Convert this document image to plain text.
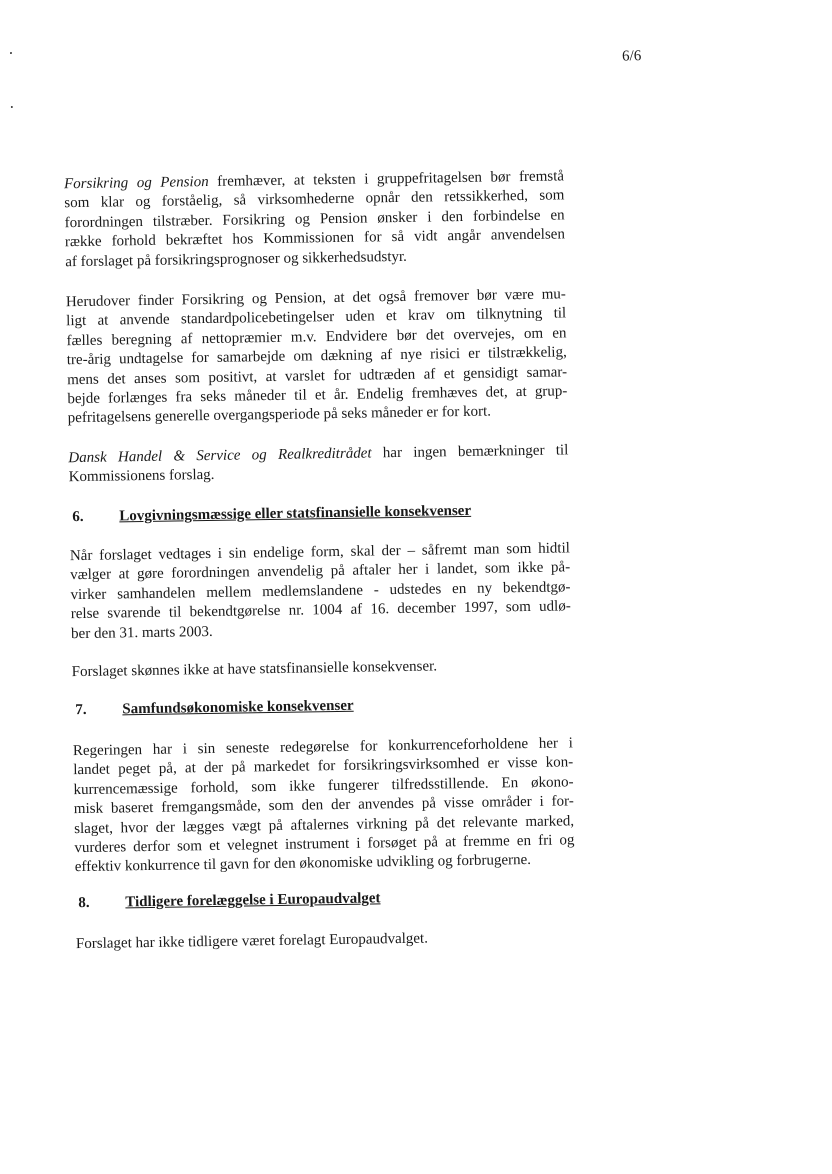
6/6
Forsikring og Pension fremhæver, at teksten i gruppefritagelsen bør fremstå
som klar og forståelig, så virksomhederne opnår den retssikkerhed, som
forordningen tilstræber. Forsikring og Pension ønsker i den forbindelse en
række forhold bekræftet hos Kommissionen for så vidt angår anvendelsen
af forslaget på forsikringsprognoser og sikkerhedsudstyr.
Herudover finder Forsikring og Pension, at det også fremover bør være mu-
ligt at anvende standardpolicebetingelser uden et krav om tilknytning til
fælles beregning af nettopræmier m.v. Endvidere bør det overvejes, om en
tre-årig undtagelse for samarbejde om dækning af nye risici er tilstrækkelig,
mens det anses som positivt, at varslet for udtræden af et gensidigt samar-
bejde forlænges fra seks måneder til et år. Endelig fremhæves det, at grup-
pefritagelsens generelle overgangsperiode på seks måneder er for kort.
Dansk Handel & Service og Realkreditrådet har ingen bemærkninger til
Kommissionens forslag.
6. Lovgivningsmæssige eller statsfinansielle konsekvenser
Når forslaget vedtages i sin endelige form, skal der – såfremt man som hidtil
vælger at gøre forordningen anvendelig på aftaler her i landet, som ikke på-
virker samhandelen mellem medlemslandene - udstedes en ny bekendtgø-
relse svarende til bekendtgørelse nr. 1004 af 16. december 1997, som udlø-
ber den 31. marts 2003.
Forslaget skønnes ikke at have statsfinansielle konsekvenser.
7. Samfundsøkonomiske konsekvenser
Regeringen har i sin seneste redegørelse for konkurrenceforholdene her i
landet peget på, at der på markedet for forsikringsvirksomhed er visse kon-
kurrencemæssige forhold, som ikke fungerer tilfredsstillende. En økono-
misk baseret fremgangsmåde, som den der anvendes på visse områder i for-
slaget, hvor der lægges vægt på aftalernes virkning på det relevante marked,
vurderes derfor som et velegnet instrument i forsøget på at fremme en fri og
effektiv konkurrence til gavn for den økonomiske udvikling og forbrugerne.
8. Tidligere forelæggelse i Europaudvalget
Forslaget har ikke tidligere været forelagt Europaudvalget.
